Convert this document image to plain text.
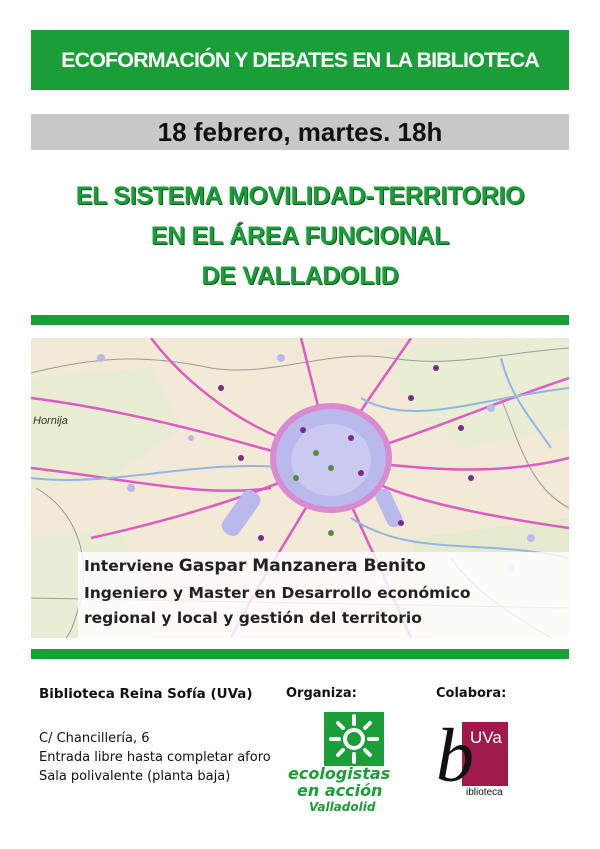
ECOFORMACIÓN Y DEBATES EN LA BIBLIOTECA
18 febrero, martes. 18h
EL SISTEMA MOVILIDAD-TERRITORIO
EN EL ÁREA FUNCIONAL
DE VALLADOLID
Hornija
Interviene Gaspar Manzanera Benito
Ingeniero y Master en Desarrollo económico
regional y local y gestión del territorio
Biblioteca Reina Sofía (UVa)
C/ Chancillería, 6
Entrada libre hasta completar aforo
Sala polivalente (planta baja)
Organiza:	Colabora:
ecologistas
en acción
Valladolid
UVa
b
iblioteca
